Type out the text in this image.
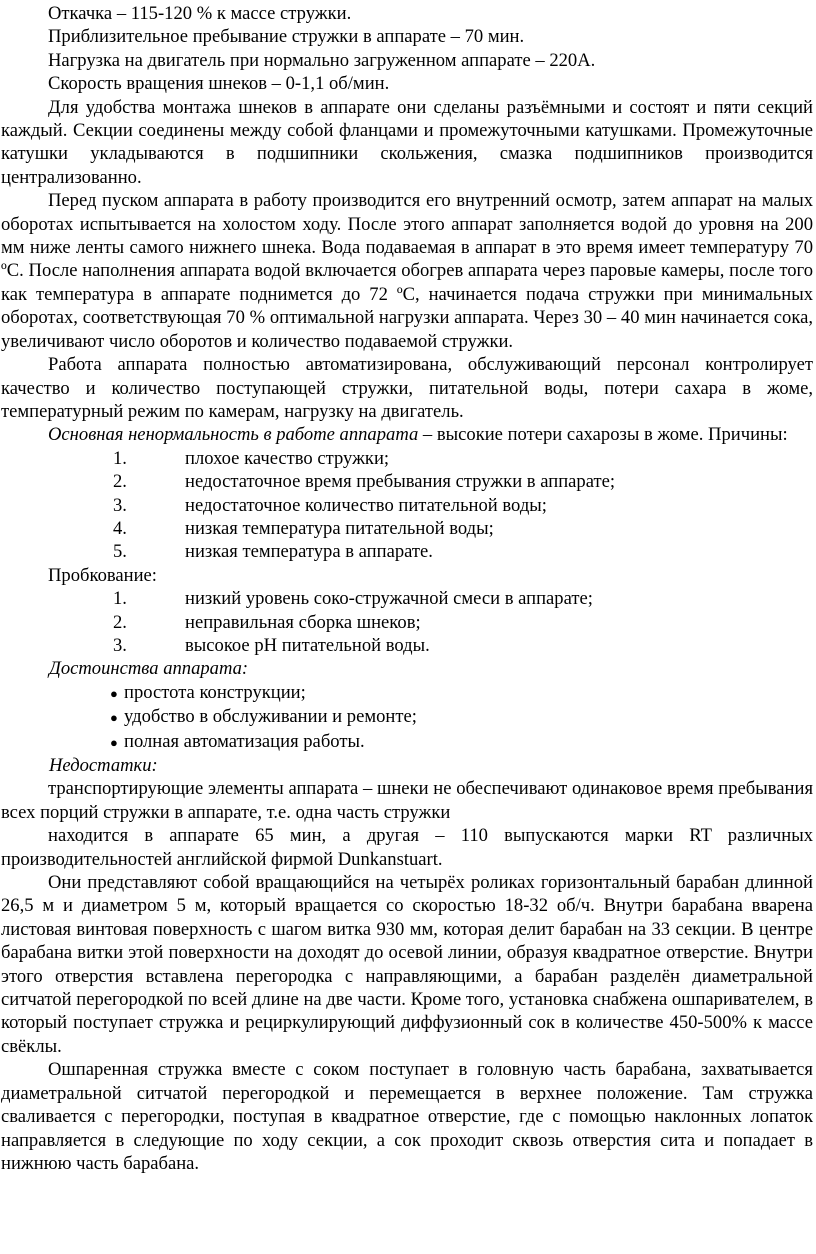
Откачка – 115-120 % к массе стружки.

Приблизительное пребывание стружки в аппарате – 70 мин.

Нагрузка на двигатель при нормально загруженном аппарате – 220А.

Скорость вращения шнеков – 0-1,1 об/мин.

Для удобства монтажа шнеков в аппарате они сделаны разъёмными и состоят и пяти секций каждый. Секции соединены между собой фланцами и промежуточными катушками. Промежуточные катушки укладываются в подшипники скольжения, смазка подшипников производится централизованно.

Перед пуском аппарата в работу производится его внутренний осмотр, затем аппарат на малых оборотах испытывается на холостом ходу. После этого аппарат заполняется водой до уровня на 200 мм ниже ленты самого нижнего шнека. Вода подаваемая в аппарат в это время имеет температуру 70 ºС. После наполнения аппарата водой включается обогрев аппарата через паровые камеры, после того как температура в аппарате поднимется до 72 ºС, начинается подача стружки при минимальных оборотах, соответствующая 70 % оптимальной нагрузки аппарата. Через 30 – 40 мин начинается сока, увеличивают число оборотов и количество подаваемой стружки.

Работа аппарата полностью автоматизирована, обслуживающий персонал контролирует качество и количество поступающей стружки, питательной воды, потери сахара в жоме, температурный режим по камерам, нагрузку на двигатель.

Основная ненормальность в работе аппарата – высокие потери сахарозы в жоме. Причины:

1.	плохое качество стружки;
2.	недостаточное время пребывания стружки в аппарате;
3.	недостаточное количество питательной воды;
4.	низкая температура питательной воды;
5.	низкая температура в аппарате.

Пробкование:

1.	низкий уровень соко-стружачной смеси в аппарате;
2.	неправильная сборка шнеков;
3.	высокое рН питательной воды.

Достоинства аппарата:

● простота конструкции;
● удобство в обслуживании и ремонте;
● полная автоматизация работы.

Недостатки:

транспортирующие элементы аппарата – шнеки не обеспечивают одинаковое время пребывания всех порций стружки в аппарате, т.е. одна часть стружки

находится в аппарате 65 мин, а другая – 110 выпускаются марки RT различных производительностей английской фирмой Dunkanstuart.

Они представляют собой вращающийся на четырёх роликах горизонтальный барабан длинной 26,5 м и диаметром 5 м, который вращается со скоростью 18-32 об/ч. Внутри барабана вварена листовая винтовая поверхность с шагом витка 930 мм, которая делит барабан на 33 секции. В центре барабана витки этой поверхности на доходят до осевой линии, образуя квадратное отверстие. Внутри этого отверстия вставлена перегородка с направляющими, а барабан разделён диаметральной ситчатой перегородкой по всей длине на две части. Кроме того, установка снабжена ошпаривателем, в который поступает стружка и рециркулирующий диффузионный сок в количестве 450-500% к массе свёклы.

Ошпаренная стружка вместе с соком поступает в головную часть барабана, захватывается диаметральной ситчатой перегородкой и перемещается в верхнее положение. Там стружка сваливается с перегородки, поступая в квадратное отверстие, где с помощью наклонных лопаток направляется в следующие по ходу секции, а сок проходит сквозь отверстия сита и попадает в нижнюю часть барабана.
